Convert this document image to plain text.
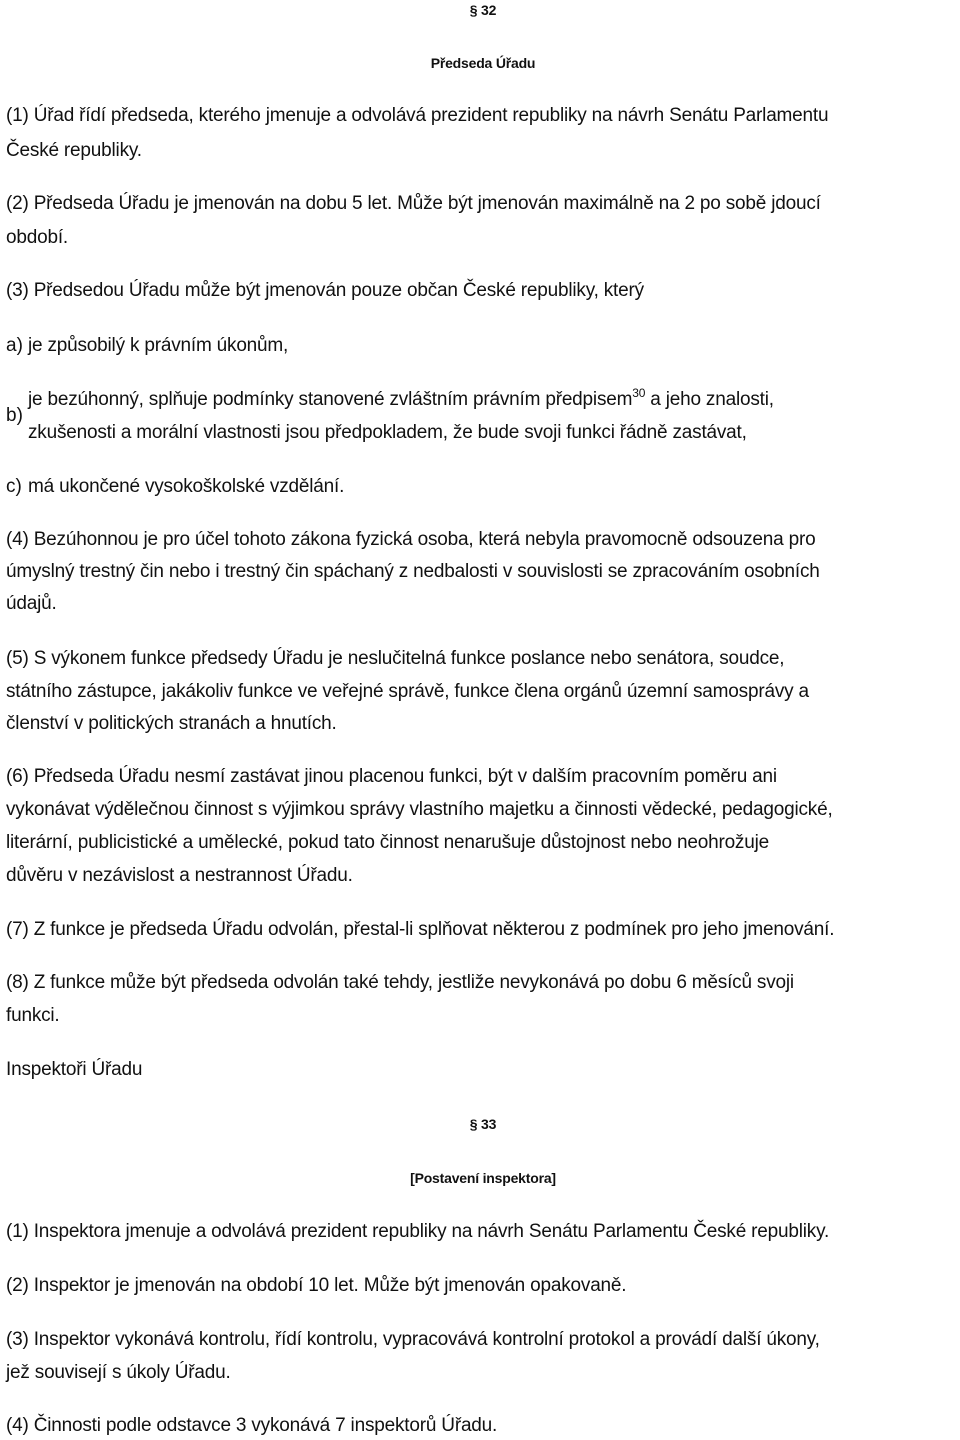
§ 32
Předseda Úřadu
(1) Úřad řídí předseda, kterého jmenuje a odvolává prezident republiky na návrh Senátu Parlamentu
České republiky.
(2) Předseda Úřadu je jmenován na dobu 5 let. Může být jmenován maximálně na 2 po sobě jdoucí
období.
(3) Předsedou Úřadu může být jmenován pouze občan České republiky, který
a) je způsobilý k právním úkonům,
b)
je bezúhonný, splňuje podmínky stanovené zvláštním právním předpisem$^{30}$ a jeho znalosti,
zkušenosti a morální vlastnosti jsou předpokladem, že bude svoji funkci řádně zastávat,
c) má ukončené vysokoškolské vzdělání.
(4) Bezúhonnou je pro účel tohoto zákona fyzická osoba, která nebyla pravomocně odsouzena pro
úmyslný trestný čin nebo i trestný čin spáchaný z nedbalosti v souvislosti se zpracováním osobních
údajů.
(5) S výkonem funkce předsedy Úřadu je neslučitelná funkce poslance nebo senátora, soudce,
státního zástupce, jakákoliv funkce ve veřejné správě, funkce člena orgánů územní samosprávy a
členství v politických stranách a hnutích.
(6) Předseda Úřadu nesmí zastávat jinou placenou funkci, být v dalším pracovním poměru ani
vykonávat výdělečnou činnost s výjimkou správy vlastního majetku a činnosti vědecké, pedagogické,
literární, publicistické a umělecké, pokud tato činnost nenarušuje důstojnost nebo neohrožuje
důvěru v nezávislost a nestrannost Úřadu.
(7) Z funkce je předseda Úřadu odvolán, přestal-li splňovat některou z podmínek pro jeho jmenování.
(8) Z funkce může být předseda odvolán také tehdy, jestliže nevykonává po dobu 6 měsíců svoji
funkci.
Inspektoři Úřadu
§ 33
[Postavení inspektora]
(1) Inspektora jmenuje a odvolává prezident republiky na návrh Senátu Parlamentu České republiky.
(2) Inspektor je jmenován na období 10 let. Může být jmenován opakovaně.
(3) Inspektor vykonává kontrolu, řídí kontrolu, vypracovává kontrolní protokol a provádí další úkony,
jež souvisejí s úkoly Úřadu.
(4) Činnosti podle odstavce 3 vykonává 7 inspektorů Úřadu.
